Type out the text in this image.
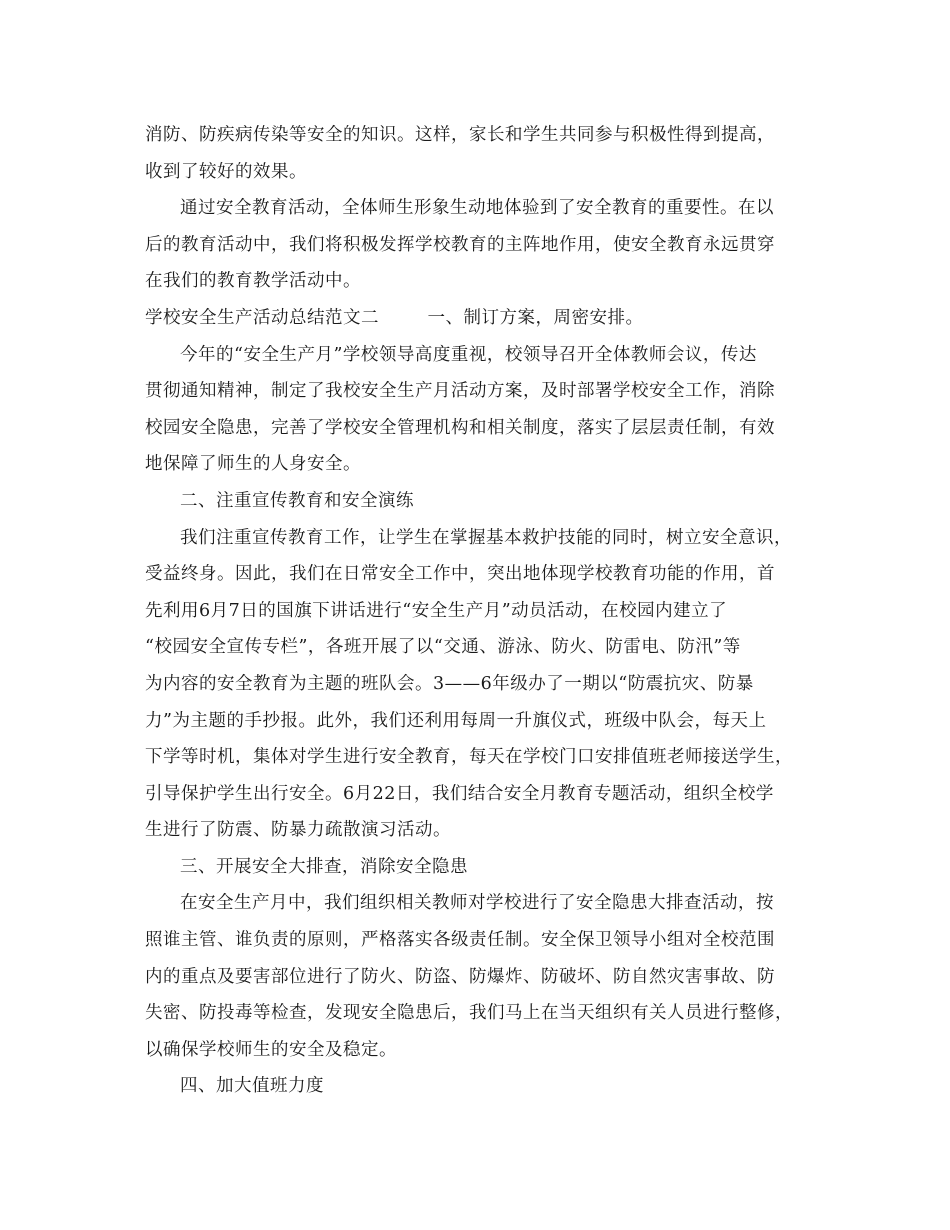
消防、防疾病传染等安全的知识。这样，家长和学生共同参与积极性得到提高，
收到了较好的效果。
通过安全教育活动，全体师生形象生动地体验到了安全教育的重要性。在以
后的教育活动中，我们将积极发挥学校教育的主阵地作用，使安全教育永远贯穿
在我们的教育教学活动中。
学校安全生产活动总结范文二        一、制订方案，周密安排。
今年的“安全生产月”学校领导高度重视，校领导召开全体教师会议，传达
贯彻通知精神，制定了我校安全生产月活动方案，及时部署学校安全工作，消除
校园安全隐患，完善了学校安全管理机构和相关制度，落实了层层责任制，有效
地保障了师生的人身安全。
二、注重宣传教育和安全演练
我们注重宣传教育工作，让学生在掌握基本救护技能的同时，树立安全意识，
受益终身。因此，我们在日常安全工作中，突出地体现学校教育功能的作用，首
先利用6月7日的国旗下讲话进行“安全生产月”动员活动，在校园内建立了
“校园安全宣传专栏”，各班开展了以“交通、游泳、防火、防雷电、防汛”等
为内容的安全教育为主题的班队会。3——6年级办了一期以“防震抗灾、防暴
力”为主题的手抄报。此外，我们还利用每周一升旗仪式，班级中队会，每天上
下学等时机，集体对学生进行安全教育，每天在学校门口安排值班老师接送学生，
引导保护学生出行安全。6月22日，我们结合安全月教育专题活动，组织全校学
生进行了防震、防暴力疏散演习活动。
三、开展安全大排查，消除安全隐患
在安全生产月中，我们组织相关教师对学校进行了安全隐患大排查活动，按
照谁主管、谁负责的原则，严格落实各级责任制。安全保卫领导小组对全校范围
内的重点及要害部位进行了防火、防盗、防爆炸、防破坏、防自然灾害事故、防
失密、防投毒等检查，发现安全隐患后，我们马上在当天组织有关人员进行整修，
以确保学校师生的安全及稳定。
四、加大值班力度
